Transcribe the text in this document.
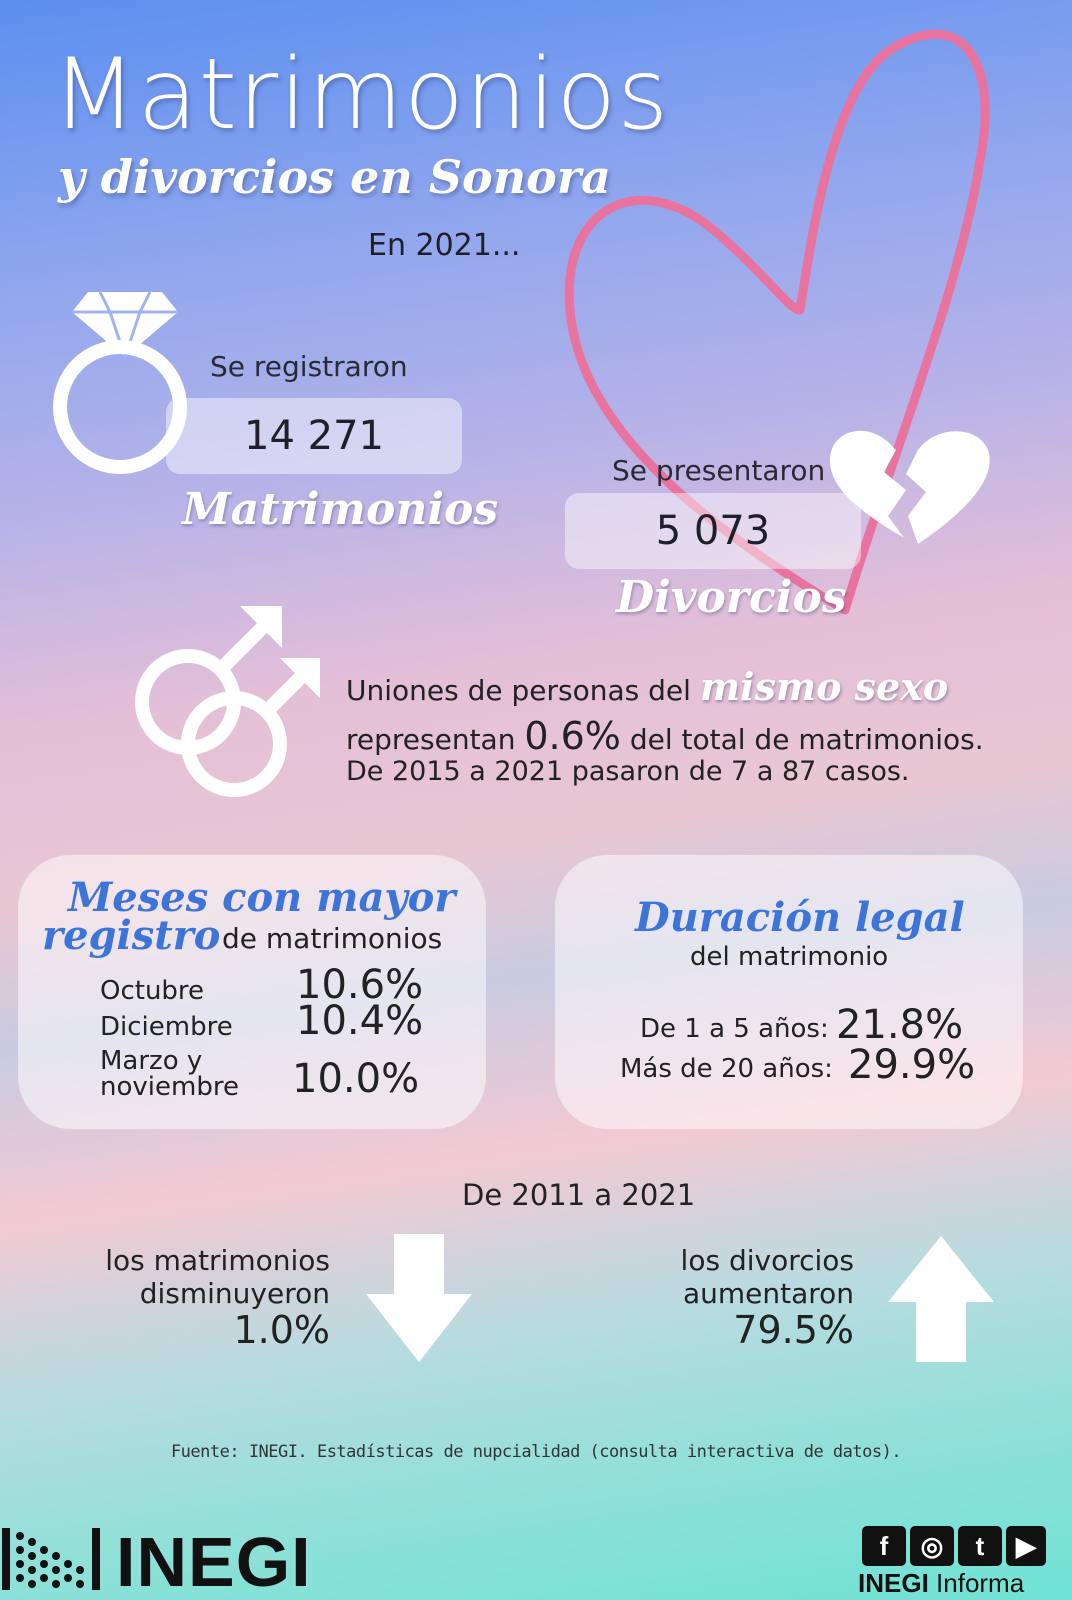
Matrimonios
y divorcios en Sonora
En 2021...
Se registraron
14 271
Matrimonios
Se presentaron
5 073
Divorcios
Uniones de personas del mismo sexo
representan 0.6% del total de matrimonios.
De 2015 a 2021 pasaron de 7 a 87 casos.
Meses con mayor
registro de matrimonios
Octubre 10.6%
Diciembre 10.4%
Marzo y
noviembre 10.0%
Duración legal
del matrimonio
De 1 a 5 años: 21.8%
Más de 20 años: 29.9%
De 2011 a 2021
los matrimonios
disminuyeron
1.0%
los divorcios
aumentaron
79.5%
Fuente: INEGI. Estadísticas de nupcialidad (consulta interactiva de datos).
INEGI	f	◎	t	▶
INEGI Informa
